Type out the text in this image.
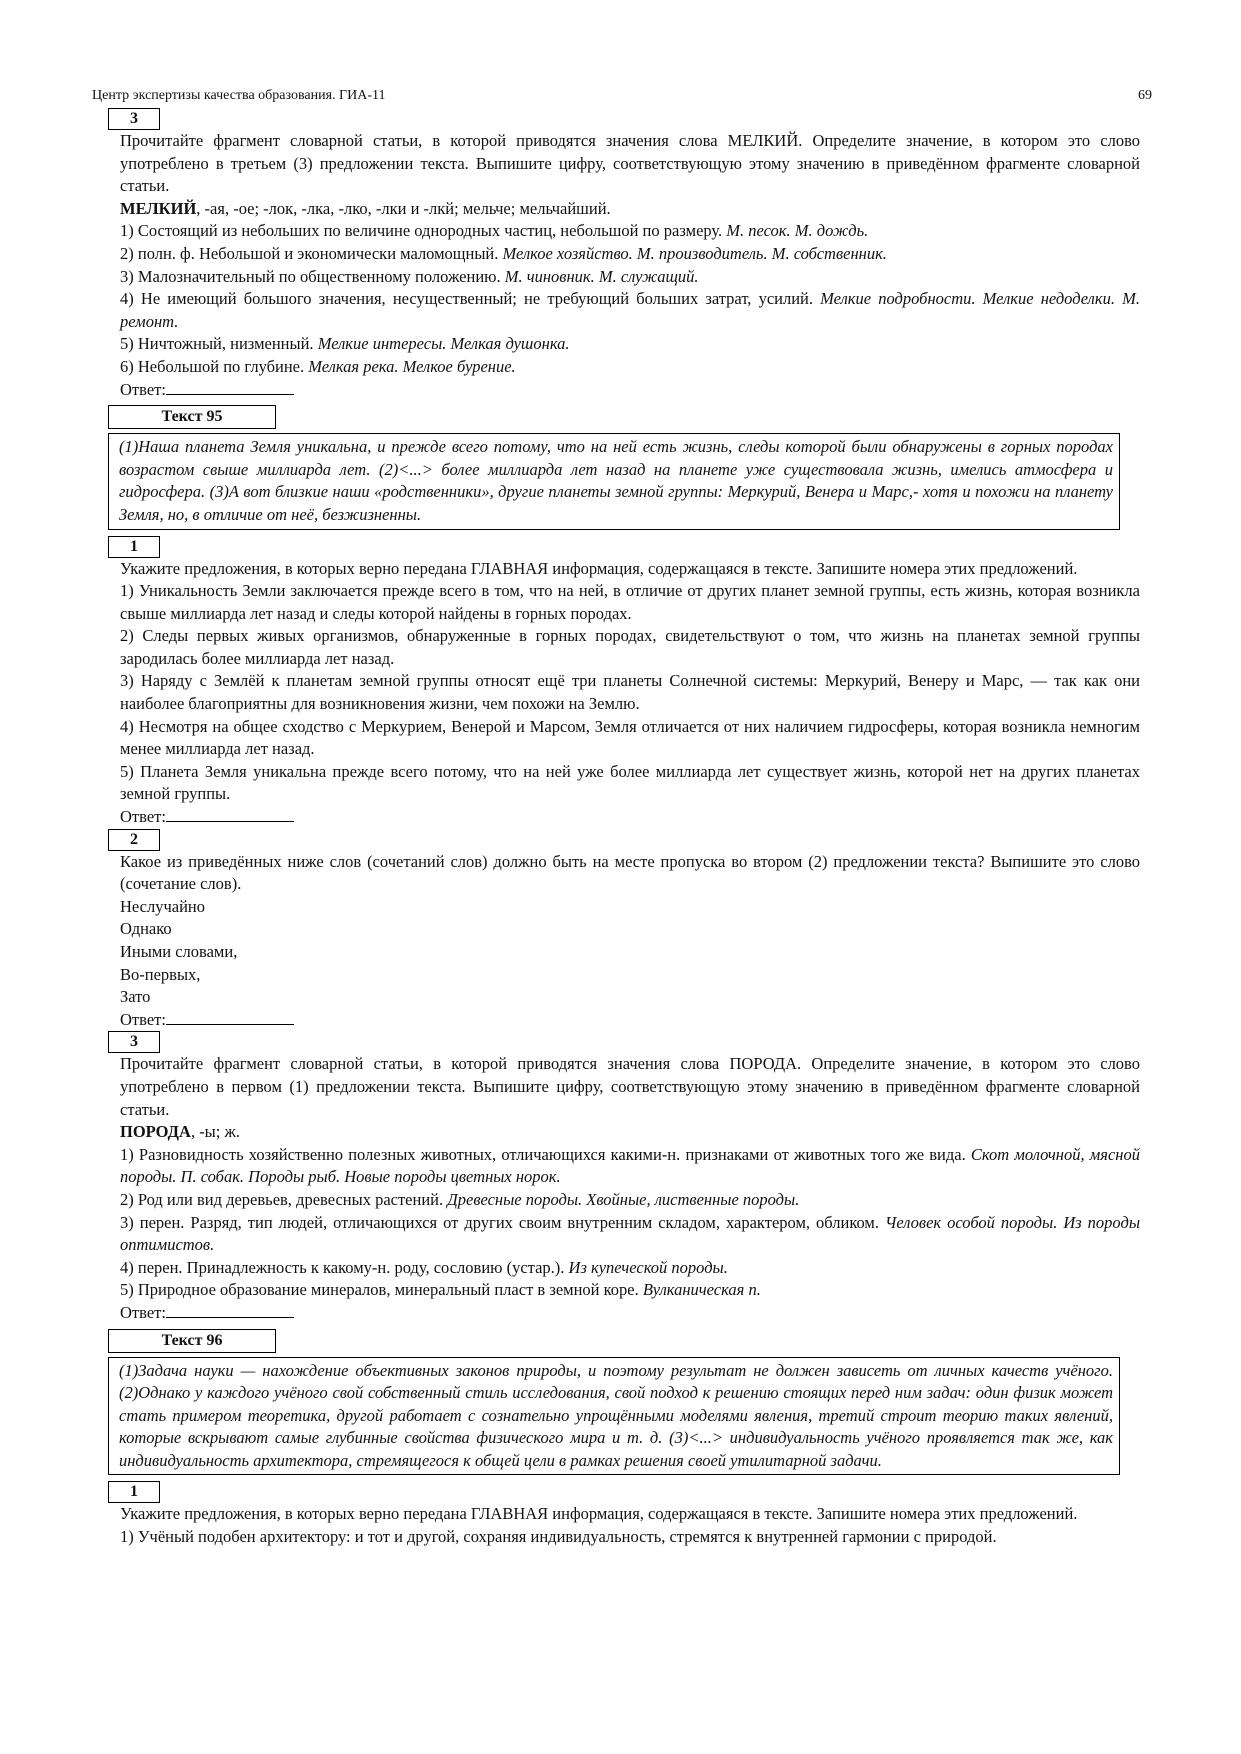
Центр экспертизы качества образования. ГИА-11	69
3

Прочитайте фрагмент словарной статьи, в которой приводятся значения слова МЕЛКИЙ. Определите значение, в котором это слово употреблено в третьем (3) предложении текста. Выпишите цифру, соответствующую этому значению в приведённом фрагменте словарной статьи.

МЕЛКИЙ, -ая, -ое; -лок, -лка, -лко, -лки и -лкй; мельче; мельчайший.

1) Состоящий из небольших по величине однородных частиц, небольшой по размеру. М. песок. М. дождь.

2) полн. ф. Небольшой и экономически маломощный. Мелкое хозяйство. М. производитель. М. собственник.

3) Малозначительный по общественному положению. М. чиновник. М. служащий.

4) Не имеющий большого значения, несущественный; не требующий больших затрат, усилий. Мелкие подробности. Мелкие недоделки. М. ремонт.

5) Ничтожный, низменный. Мелкие интересы. Мелкая душонка.

6) Небольшой по глубине. Мелкая река. Мелкое бурение.

Ответ:

Текст 95
(1)Наша планета Земля уникальна, и прежде всего потому, что на ней есть жизнь, следы которой были обнаружены в горных породах возрастом свыше миллиарда лет. (2)<...> более миллиарда лет назад на планете уже существовала жизнь, имелись атмосфера и гидросфера. (3)А вот близкие наши «родственники», другие планеты земной группы: Меркурий, Венера и Марс,- хотя и похожи на планету Земля, но, в отличие от неё, безжизненны.
1

Укажите предложения, в которых верно передана ГЛАВНАЯ информация, содержащаяся в тексте. Запишите номера этих предложений.

1) Уникальность Земли заключается прежде всего в том, что на ней, в отличие от других планет земной группы, есть жизнь, которая возникла свыше миллиарда лет назад и следы которой найдены в горных породах.

2) Следы первых живых организмов, обнаруженные в горных породах, свидетельствуют о том, что жизнь на планетах земной группы зародилась более миллиарда лет назад.

3) Наряду с Землёй к планетам земной группы относят ещё три планеты Солнечной системы: Меркурий, Венеру и Марс, — так как они наиболее благоприятны для возникновения жизни, чем похожи на Землю.

4) Несмотря на общее сходство с Меркурием, Венерой и Марсом, Земля отличается от них наличием гидросферы, которая возникла немногим менее миллиарда лет назад.

5) Планета Земля уникальна прежде всего потому, что на ней уже более миллиарда лет существует жизнь, которой нет на других планетах земной группы.

Ответ:

2

Какое из приведённых ниже слов (сочетаний слов) должно быть на месте пропуска во втором (2) предложении текста? Выпишите это слово (сочетание слов).

Неслучайно

Однако

Иными словами,

Во-первых,

Зато

Ответ:

3

Прочитайте фрагмент словарной статьи, в которой приводятся значения слова ПОРОДА. Определите значение, в котором это слово употреблено в первом (1) предложении текста. Выпишите цифру, соответствующую этому значению в приведённом фрагменте словарной статьи.

ПОРОДА, -ы; ж.

1) Разновидность хозяйственно полезных животных, отличающихся какими-н. признаками от животных того же вида. Скот молочной, мясной породы. П. собак. Породы рыб. Новые породы цветных норок.

2) Род или вид деревьев, древесных растений. Древесные породы. Хвойные, лиственные породы.

3) перен. Разряд, тип людей, отличающихся от других своим внутренним складом, характером, обликом. Человек особой породы. Из породы оптимистов.

4) перен. Принадлежность к какому-н. роду, сословию (устар.). Из купеческой породы.

5) Природное образование минералов, минеральный пласт в земной коре. Вулканическая п.

Ответ:

Текст 96
(1)Задача науки — нахождение объективных законов природы, и поэтому результат не должен зависеть от личных качеств учёного. (2)Однако у каждого учёного свой собственный стиль исследования, свой подход к решению стоящих перед ним задач: один физик может стать примером теоретика, другой работает с сознательно упрощёнными моделями явления, третий строит теорию таких явлений, которые вскрывают самые глубинные свойства физического мира и т. д. (3)<...> индивидуальность учёного проявляется так же, как индивидуальность архитектора, стремящегося к общей цели в рамках решения своей утилитарной задачи.
1

Укажите предложения, в которых верно передана ГЛАВНАЯ информация, содержащаяся в тексте. Запишите номера этих предложений.

1) Учёный подобен архитектору: и тот и другой, сохраняя индивидуальность, стремятся к внутренней гармонии с природой.
